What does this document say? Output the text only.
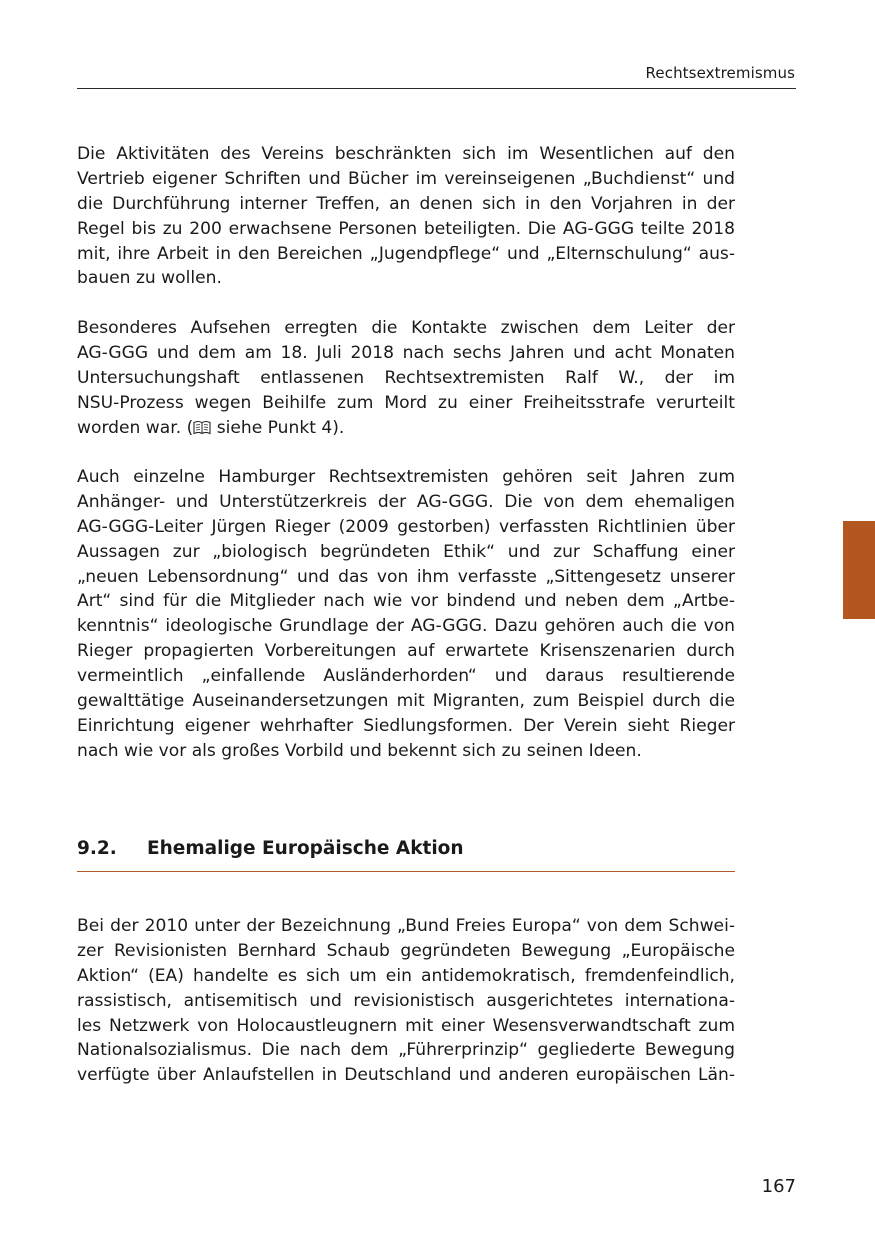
Rechtsextremismus
Die Aktivitäten des Vereins beschränkten sich im Wesentlichen auf den
Vertrieb eigener Schriften und Bücher im vereinseigenen „Buchdienst“ und
die Durchführung interner Treffen, an denen sich in den Vorjahren in der
Regel bis zu 200 erwachsene Personen beteiligten. Die AG-GGG teilte 2018
mit, ihre Arbeit in den Bereichen „Jugendpflege“ und „Elternschulung“ aus-
bauen zu wollen.
Besonderes Aufsehen erregten die Kontakte zwischen dem Leiter der
AG-GGG und dem am 18. Juli 2018 nach sechs Jahren und acht Monaten
Untersuchungshaft entlassenen Rechtsextremisten Ralf W., der im
NSU-Prozess wegen Beihilfe zum Mord zu einer Freiheitsstrafe verurteilt
worden war. ( siehe Punkt 4).
Auch einzelne Hamburger Rechtsextremisten gehören seit Jahren zum
Anhänger- und Unterstützerkreis der AG-GGG. Die von dem ehemaligen
AG-GGG-Leiter Jürgen Rieger (2009 gestorben) verfassten Richtlinien über
Aussagen zur „biologisch begründeten Ethik“ und zur Schaffung einer
„neuen Lebensordnung“ und das von ihm verfasste „Sittengesetz unserer
Art“ sind für die Mitglieder nach wie vor bindend und neben dem „Artbe-
kenntnis“ ideologische Grundlage der AG-GGG. Dazu gehören auch die von
Rieger propagierten Vorbereitungen auf erwartete Krisenszenarien durch
vermeintlich „einfallende Ausländerhorden“ und daraus resultierende
gewalttätige Auseinandersetzungen mit Migranten, zum Beispiel durch die
Einrichtung eigener wehrhafter Siedlungsformen. Der Verein sieht Rieger
nach wie vor als großes Vorbild und bekennt sich zu seinen Ideen.
9.2. Ehemalige Europäische Aktion
Bei der 2010 unter der Bezeichnung „Bund Freies Europa“ von dem Schwei-
zer Revisionisten Bernhard Schaub gegründeten Bewegung „Europäische
Aktion“ (EA) handelte es sich um ein antidemokratisch, fremdenfeindlich,
rassistisch, antisemitisch und revisionistisch ausgerichtetes internationa-
les Netzwerk von Holocaustleugnern mit einer Wesensverwandtschaft zum
Nationalsozialismus. Die nach dem „Führerprinzip“ gegliederte Bewegung
verfügte über Anlaufstellen in Deutschland und anderen europäischen Län-
167
